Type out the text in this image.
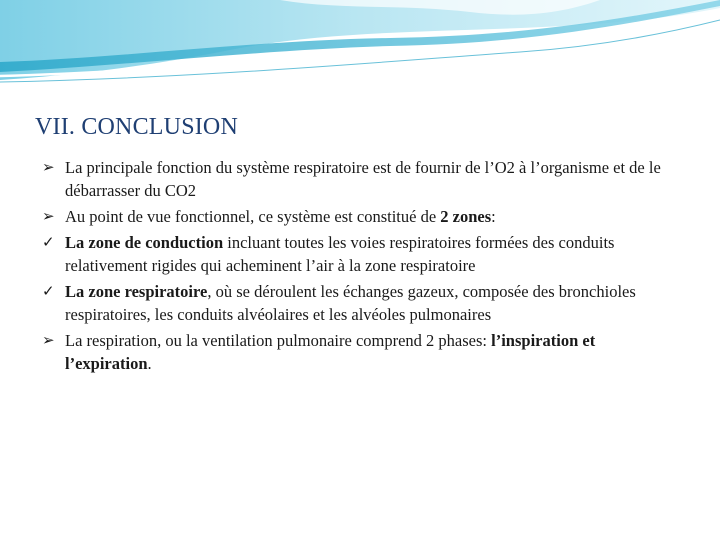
VII. CONCLUSION
➢ La principale fonction du système respiratoire est de fournir de l’O2 à l’organisme et de le débarrasser du CO2
➢ Au point de vue fonctionnel, ce système est constitué de 2 zones:
✓ La zone de conduction incluant toutes les voies respiratoires formées des conduits relativement rigides qui acheminent l’air à la zone respiratoire
✓ La zone respiratoire, où se déroulent les échanges gazeux, composée des bronchioles respiratoires, les conduits alvéolaires et les alvéoles pulmonaires
➢ La respiration, ou la ventilation pulmonaire comprend 2 phases: l’inspiration et l’expiration.
